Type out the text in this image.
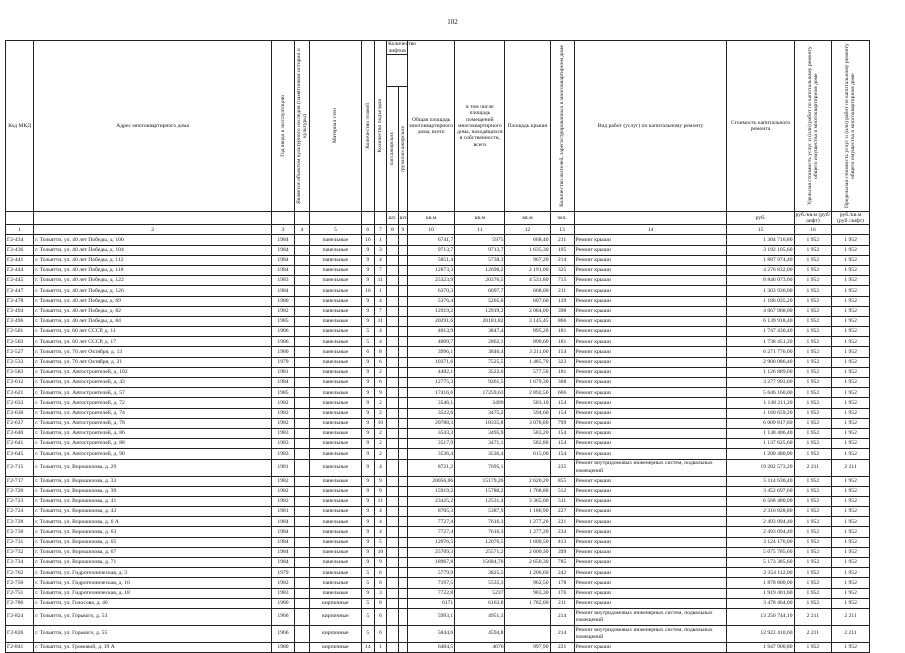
102
Код МКД	Адрес многоквартирного дома	Год ввода в эксплуатацию	Является объектом культурного наследия (памятником истории и культуры)	Материал стен	Количество этажей	Количество подъездов	Количество лифтов		Общая площадь многоквартирного дома, всего	в том числе площадь помещений многоквартирного дома, находящихся в собственности, всего	Площадь крыши	Количество жителей, зарегистрированных в многоквартирном доме	Вид работ (услуг) по капитальному ремонту	Стоимость капитального ремонта	Удельная стоимость услуг и (или) работ по капитальному ремонту общего имущества в многоквартирном доме	Предельная стоимость услуг и (или) работ по капитальному ремонту общего имущества в многоквартирном доме

							пассажирских	грузопассажирских								

							шт.	шт.	кв.м	кв.м	кв.м	чел.		руб.	руб./кв.м (руб/лифт)	руб./кв.м (руб./лифт)
1	2	3	4	5	6	7	8	9	10	11	12	13	14	15	16	
Г2-434	г. Тольятти, ул. 40 лет Победы, д. 100	1984		панельные	16	1			6741,7	5975	668,40	211	Ремонт крыши	1 304 716,80	1 952	1 952
Г2-436	г. Тольятти, ул. 40 лет Победы, д. 104	1984		панельные	9	3			9713,7	9713,7	1 635,30	195	Ремонт крыши	3 192 105,60	1 952	1 952
Г2-441	г. Тольятти, ул. 40 лет Победы, д. 112	1984		панельные	9	4			5851,4	5738,3	967,20	214	Ремонт крыши	1 887 974,40	1 952	1 952
Г2-444	г. Тольятти, ул. 40 лет Победы, д. 118	1984		панельные	9	7			12873,3	12698,2	2 191,00	325	Ремонт крыши	4 276 832,00	1 952	1 952
Г2-445	г. Тольятти, ул. 40 лет Победы, д. 122	1983		панельные	9	11			25323,9	20376,5	4 531,80	715	Ремонт крыши	8 846 073,60	1 952	1 952
Г2-447	г. Тольятти, ул. 40 лет Победы, д. 126	1984		панельные	16	1			6370,3	6097,7	668,00	211	Ремонт крыши	1 303 936,00	1 952	1 952
Г2-478	г. Тольятти, ул. 40 лет Победы, д. 69	1980		панельные	9	4			5376,4	5265,6	607,60	139	Ремонт крыши	1 186 035,20	1 952	1 952
Г2-494	г. Тольятти, ул. 40 лет Победы, д. 82	1982		панельные	9	7			12919,2	12919,2	2 084,00	398	Ремонт крыши	4 067 968,00	1 952	1 952
Г2-496	г. Тольятти, ул. 40 лет Победы, д. 84	1985		панельные	9	11			20291,6	20181,82	3 145,45	866	Ремонт крыши	6 139 918,40	1 952	1 952
Г2-501	г. Тольятти, ул. 60 лет СССР, д. 11	1986		панельные	5	4			4013,9	3847,4	895,20	181	Ремонт крыши	1 747 430,40	1 952	1 952
Г2-503	г. Тольятти, ул. 60 лет СССР, д. 17	1986		панельные	5	4			4009,7	2862,1	890,60	181	Ремонт крыши	1 738 451,20	1 952	1 952
Г2-527	г. Тольятти, ул. 70 лет Октября, д. 13	1980		панельные	6	8			3996,1	3846,4	3 211,00	154	Ремонт крыши	6 271 776,00	1 952	1 952
Г2-533	г. Тольятти, ул. 70 лет Октября, д. 21	1979		панельные	9	6			10371,6	7525,5	1 485,70	323	Ремонт крыши	2 900 086,40	1 952	1 952
Г2-583	г. Тольятти, ул. Автостроителей, д. 102	1981		панельные	9	2			4482,1	3522,6	577,50	181	Ремонт крыши	1 126 889,60	1 952	1 952
Г2-612	г. Тольятти, ул. Автостроителей, д. 43	1984		панельные	9	6			12775,3	9261,5	1 679,30	368	Ремонт крыши	3 277 993,60	1 952	1 952
Г2-621	г. Тольятти, ул. Автостроителей, д. 57	1985		панельные	9	9			17416,6	17259,63	2 892,50	666	Ремонт крыши	5 646 160,00	1 952	1 952
Г2-633	г. Тольятти, ул. Автостроителей, д. 72	1982		панельные	9	2			3546,1	3499	583,10	154	Ремонт крыши	1 138 211,20	1 952	1 952
Г2-636	г. Тольятти, ул. Автостроителей, д. 74	1982		панельные	9	2			3522,6	3475,2	594,60	154	Ремонт крыши	1 160 659,20	1 952	1 952
Г2-637	г. Тольятти, ул. Автостроителей, д. 78	1982		панельные	9	10			20788,3	18335,8	3 078,80	799	Ремонт крыши	6 009 817,60	1 952	1 952
Г2-640	г. Тольятти, ул. Автостроителей, д. 86	1983		панельные	9	2			3543,3	3495,9	583,20	154	Ремонт крыши	1 138 406,40	1 952	1 952
Г2-641	г. Тольятти, ул. Автостроителей, д. 88	1983		панельные	9	2			3517,9	3471,1	582,80	154	Ремонт крыши	1 137 625,60	1 952	1 952
Г2-645	г. Тольятти, ул. Автостроителей, д. 90	1983		панельные	9	2			3536,4	3536,4	615,00	154	Ремонт крыши	1 200 480,00	1 952	1 952
Г2-715	г. Тольятти, ул. Ворошилова, д. 29	1981		панельные	9	4			8721,2	7695,1		235	Ремонт внутридомовых инженерных систем, подвальных помещений	19 282 573,20	2 211	2 211
Г2-717	г. Тольятти, ул. Ворошилова, д. 33	1982		панельные	9	9			20056,06	15179,26	2 620,20	855	Ремонт крыши	5 114 630,40	1 952	1 952
Г2-720	г. Тольятти, ул. Ворошилова, д. 39	1982		панельные	9	9			15919,2	15780,2	1 768,80	512	Ремонт крыши	3 452 697,60	1 952	1 952
Г2-723	г. Тольятти, ул. Ворошилова, д. 41	1982		панельные	9	11			23425,2	12531,4	3 365,00	511	Ремонт крыши	6 568 480,00	1 952	1 952
Г2-724	г. Тольятти, ул. Ворошилова, д. 43	1981		панельные	9	4			8705,3	5387,9	1 186,90	227	Ремонт крыши	2 316 828,80	1 952	1 952
Г2-728	г. Тольятти, ул. Ворошилова, д. 6 А	1984		панельные	9	4			7727,4	7616,3	1 277,20	221	Ремонт крыши	2 493 094,40	1 952	1 952
Г2-730	г. Тольятти, ул. Ворошилова, д. 63	1984		панельные	9	4			7727,4	7616,3	1 277,20	234	Ремонт крыши	2 493 094,40	1 952	1 952
Г2-731	г. Тольятти, ул. Ворошилова, д. 65	1984		панельные	9	5			12076,5	12076,5	1 600,50	413	Ремонт крыши	3 124 176,00	1 952	1 952
Г2-732	г. Тольятти, ул. Ворошилова, д. 67	1984		панельные	9	10			25709,3	25571,2	2 600,30	399	Ремонт крыши	5 075 785,60	1 952	1 952
Г2-734	г. Тольятти, ул. Ворошилова, д. 71	1984		панельные	9	9			18967,8	15684,76	2 650,30	785	Ремонт крыши	5 173 385,60	1 952	1 952
Г2-762	г. Тольятти, ул. Гидротехническая, д. 3	1979		панельные	5	6			5779,9	3825,5	1 206,60	242	Ремонт крыши	2 354 112,00	1 952	1 952
Г2-750	г. Тольятти, ул. Гидротехническая, д. 16	1982		панельные	5	6			7197,5	5535,3	962,50	178	Ремонт крыши	1 878 800,00	1 952	1 952
Г2-751	г. Тольятти, ул. Гидротехническая, д. 18	1983		панельные	9	3			7722,8	5237	983,30	176	Ремонт крыши	1 919 401,60	1 952	1 952
Г2-786	г. Тольятти, ул. Голосова, д. 40	1980		кирпичные	5	8			6171	6163,8	1 782,00	211	Ремонт крыши	3 478 464,00	1 952	1 952
Г2-824	г. Тольятти, ул. Горького, д. 53	1966		кирпичные	5	6			5993,1	4951,3		214	Ремонт внутридомовых инженерных систем, подвальных помещений	13 250 744,10	2 211	2 211
Г2-826	г. Тольятти, ул. Горького, д. 55	1966		кирпичные	5	6			5844,6	4594,8		214	Ремонт внутридомовых инженерных систем, подвальных помещений	12 922 410,60	2 211	2 211
Г2-841	г. Тольятти, ул. Громовой, д. 19 А	1980		кирпичные	14	1			6484,5	4676	997,90	221	Ремонт крыши	1 947 900,80	1 952	1 952
